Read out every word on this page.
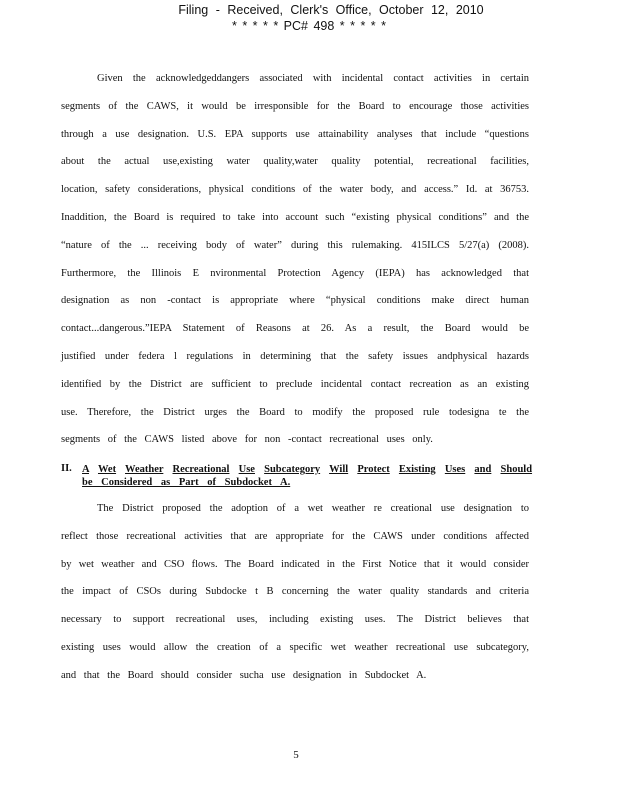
Filing - Received, Clerk's Office, October 12, 2010
* * * * * PC# 498 * * * * *
Given the acknowledgeddangers associated with incidental contact activities in certain
segments of the CAWS, it would be irresponsible for the Board to encourage those activities
through a use designation. U.S. EPA supports use attainability analyses that include “questions
about the actual use,existing water quality,water quality potential, recreational facilities,
location, safety considerations, physical conditions of the water body, and access.” Id. at 36753.
Inaddition, the Board is required to take into account such “existing physical conditions” and the
“nature of the ... receiving body of water” during this rulemaking. 415ILCS 5/27(a) (2008).
Furthermore, the Illinois E nvironmental Protection Agency (IEPA) has acknowledged that
designation as non -contact is appropriate where “physical conditions make direct human
contact...dangerous.”IEPA Statement of Reasons at 26. As a result, the Board would be
justified under federa l regulations in determining that the safety issues andphysical hazards
identified by the District are sufficient to preclude incidental contact recreation as an existing
use. Therefore, the District urges the Board to modify the proposed rule todesigna te the
segments of the CAWS listed above for non -contact recreational uses only.
II. A Wet Weather Recreational Use Subcategory Will Protect Existing Uses and Should
be Considered as Part of Subdocket A.
The District proposed the adoption of a wet weather re creational use designation to
reflect those recreational activities that are appropriate for the CAWS under conditions affected
by wet weather and CSO flows. The Board indicated in the First Notice that it would consider
the impact of CSOs during Subdocke t B concerning the water quality standards and criteria
necessary to support recreational uses, including existing uses. The District believes that
existing uses would allow the creation of a specific wet weather recreational use subcategory,
and that the Board should consider sucha use designation in Subdocket A.
5
